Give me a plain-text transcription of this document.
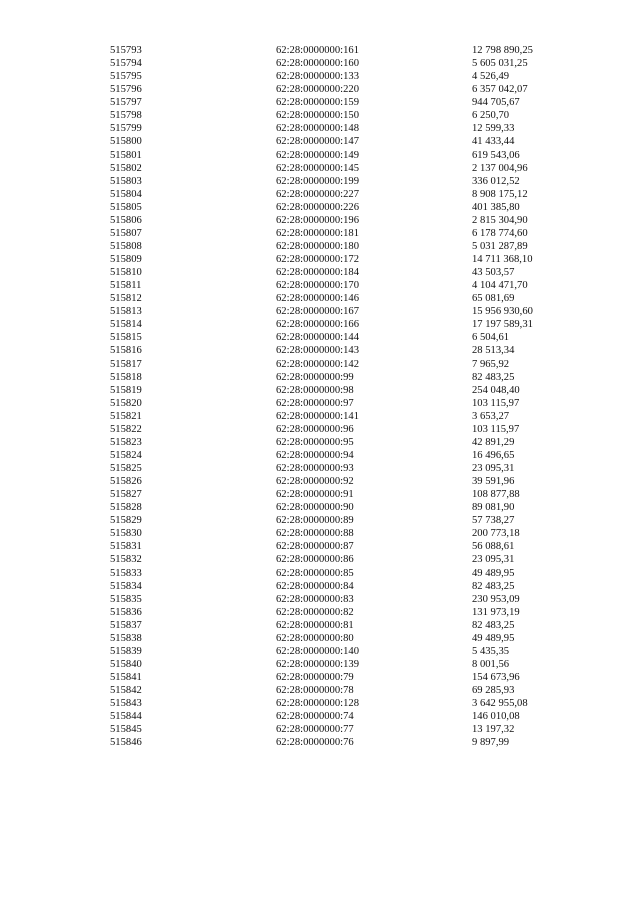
515793	62:28:0000000:161	12 798 890,25
515794	62:28:0000000:160	5 605 031,25
515795	62:28:0000000:133	4 526,49
515796	62:28:0000000:220	6 357 042,07
515797	62:28:0000000:159	944 705,67
515798	62:28:0000000:150	6 250,70
515799	62:28:0000000:148	12 599,33
515800	62:28:0000000:147	41 433,44
515801	62:28:0000000:149	619 543,06
515802	62:28:0000000:145	2 137 004,96
515803	62:28:0000000:199	336 012,52
515804	62:28:0000000:227	8 908 175,12
515805	62:28:0000000:226	401 385,80
515806	62:28:0000000:196	2 815 304,90
515807	62:28:0000000:181	6 178 774,60
515808	62:28:0000000:180	5 031 287,89
515809	62:28:0000000:172	14 711 368,10
515810	62:28:0000000:184	43 503,57
515811	62:28:0000000:170	4 104 471,70
515812	62:28:0000000:146	65 081,69
515813	62:28:0000000:167	15 956 930,60
515814	62:28:0000000:166	17 197 589,31
515815	62:28:0000000:144	6 504,61
515816	62:28:0000000:143	28 513,34
515817	62:28:0000000:142	7 965,92
515818	62:28:0000000:99	82 483,25
515819	62:28:0000000:98	254 048,40
515820	62:28:0000000:97	103 115,97
515821	62:28:0000000:141	3 653,27
515822	62:28:0000000:96	103 115,97
515823	62:28:0000000:95	42 891,29
515824	62:28:0000000:94	16 496,65
515825	62:28:0000000:93	23 095,31
515826	62:28:0000000:92	39 591,96
515827	62:28:0000000:91	108 877,88
515828	62:28:0000000:90	89 081,90
515829	62:28:0000000:89	57 738,27
515830	62:28:0000000:88	200 773,18
515831	62:28:0000000:87	56 088,61
515832	62:28:0000000:86	23 095,31
515833	62:28:0000000:85	49 489,95
515834	62:28:0000000:84	82 483,25
515835	62:28:0000000:83	230 953,09
515836	62:28:0000000:82	131 973,19
515837	62:28:0000000:81	82 483,25
515838	62:28:0000000:80	49 489,95
515839	62:28:0000000:140	5 435,35
515840	62:28:0000000:139	8 001,56
515841	62:28:0000000:79	154 673,96
515842	62:28:0000000:78	69 285,93
515843	62:28:0000000:128	3 642 955,08
515844	62:28:0000000:74	146 010,08
515845	62:28:0000000:77	13 197,32
515846	62:28:0000000:76	9 897,99
